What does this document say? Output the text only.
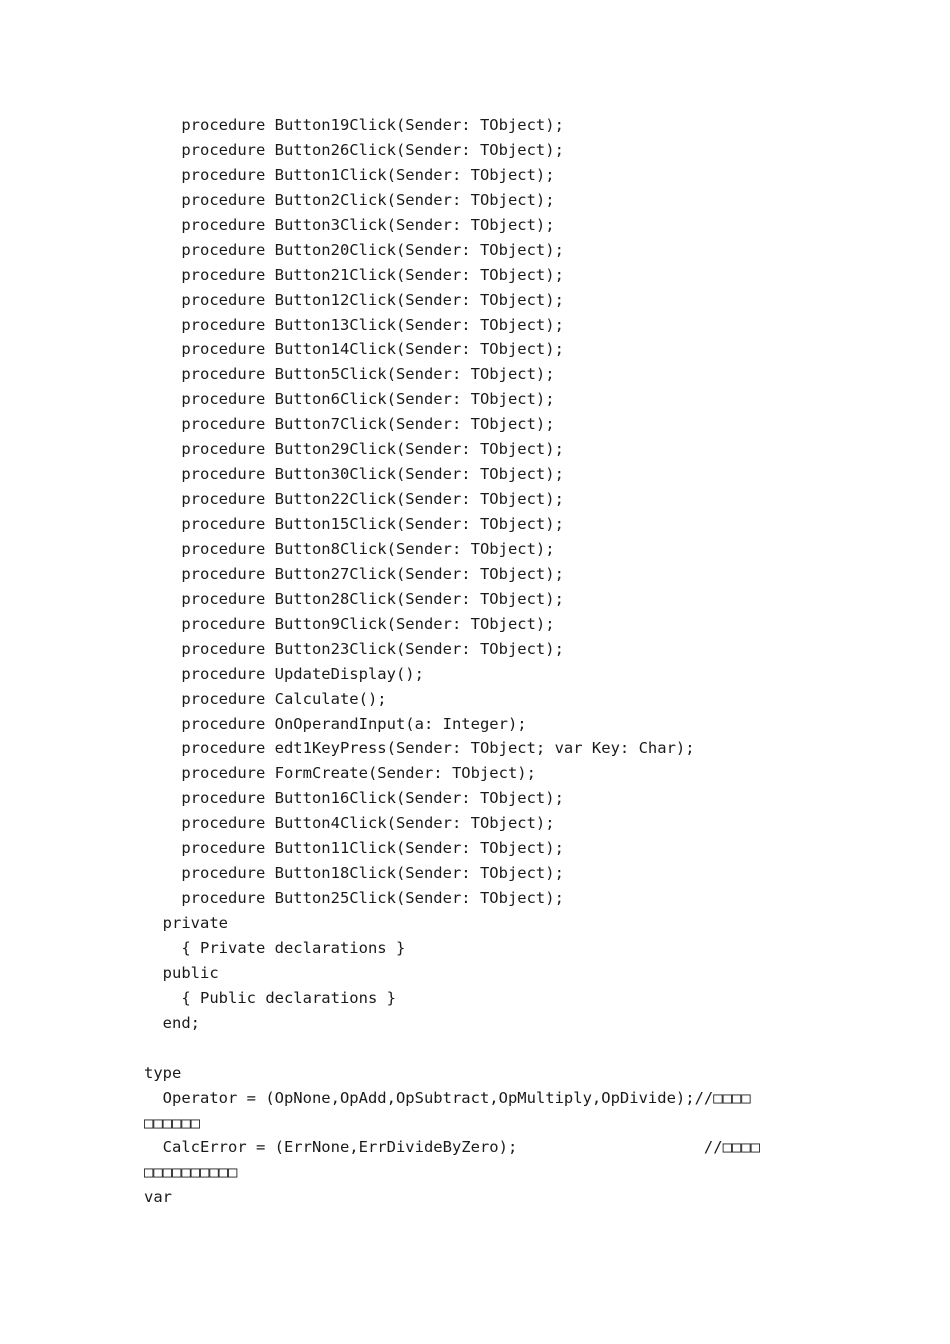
procedure Button19Click(Sender: TObject);
procedure Button26Click(Sender: TObject);
procedure Button1Click(Sender: TObject);
procedure Button2Click(Sender: TObject);
procedure Button3Click(Sender: TObject);
procedure Button20Click(Sender: TObject);
procedure Button21Click(Sender: TObject);
procedure Button12Click(Sender: TObject);
procedure Button13Click(Sender: TObject);
procedure Button14Click(Sender: TObject);
procedure Button5Click(Sender: TObject);
procedure Button6Click(Sender: TObject);
procedure Button7Click(Sender: TObject);
procedure Button29Click(Sender: TObject);
procedure Button30Click(Sender: TObject);
procedure Button22Click(Sender: TObject);
procedure Button15Click(Sender: TObject);
procedure Button8Click(Sender: TObject);
procedure Button27Click(Sender: TObject);
procedure Button28Click(Sender: TObject);
procedure Button9Click(Sender: TObject);
procedure Button23Click(Sender: TObject);
procedure UpdateDisplay();
procedure Calculate();
procedure OnOperandInput(a: Integer);
procedure edt1KeyPress(Sender: TObject; var Key: Char);
procedure FormCreate(Sender: TObject);
procedure Button16Click(Sender: TObject);
procedure Button4Click(Sender: TObject);
procedure Button11Click(Sender: TObject);
procedure Button18Click(Sender: TObject);
procedure Button25Click(Sender: TObject);
private
{ Private declarations }
public
{ Public declarations }
end;
type
Operator = (OpNone,OpAdd,OpSubtract,OpMultiply,OpDivide);//□□□□
□□□□□□
CalcError = (ErrNone,ErrDivideByZero);                    //□□□□
□□□□□□□□□□
var
